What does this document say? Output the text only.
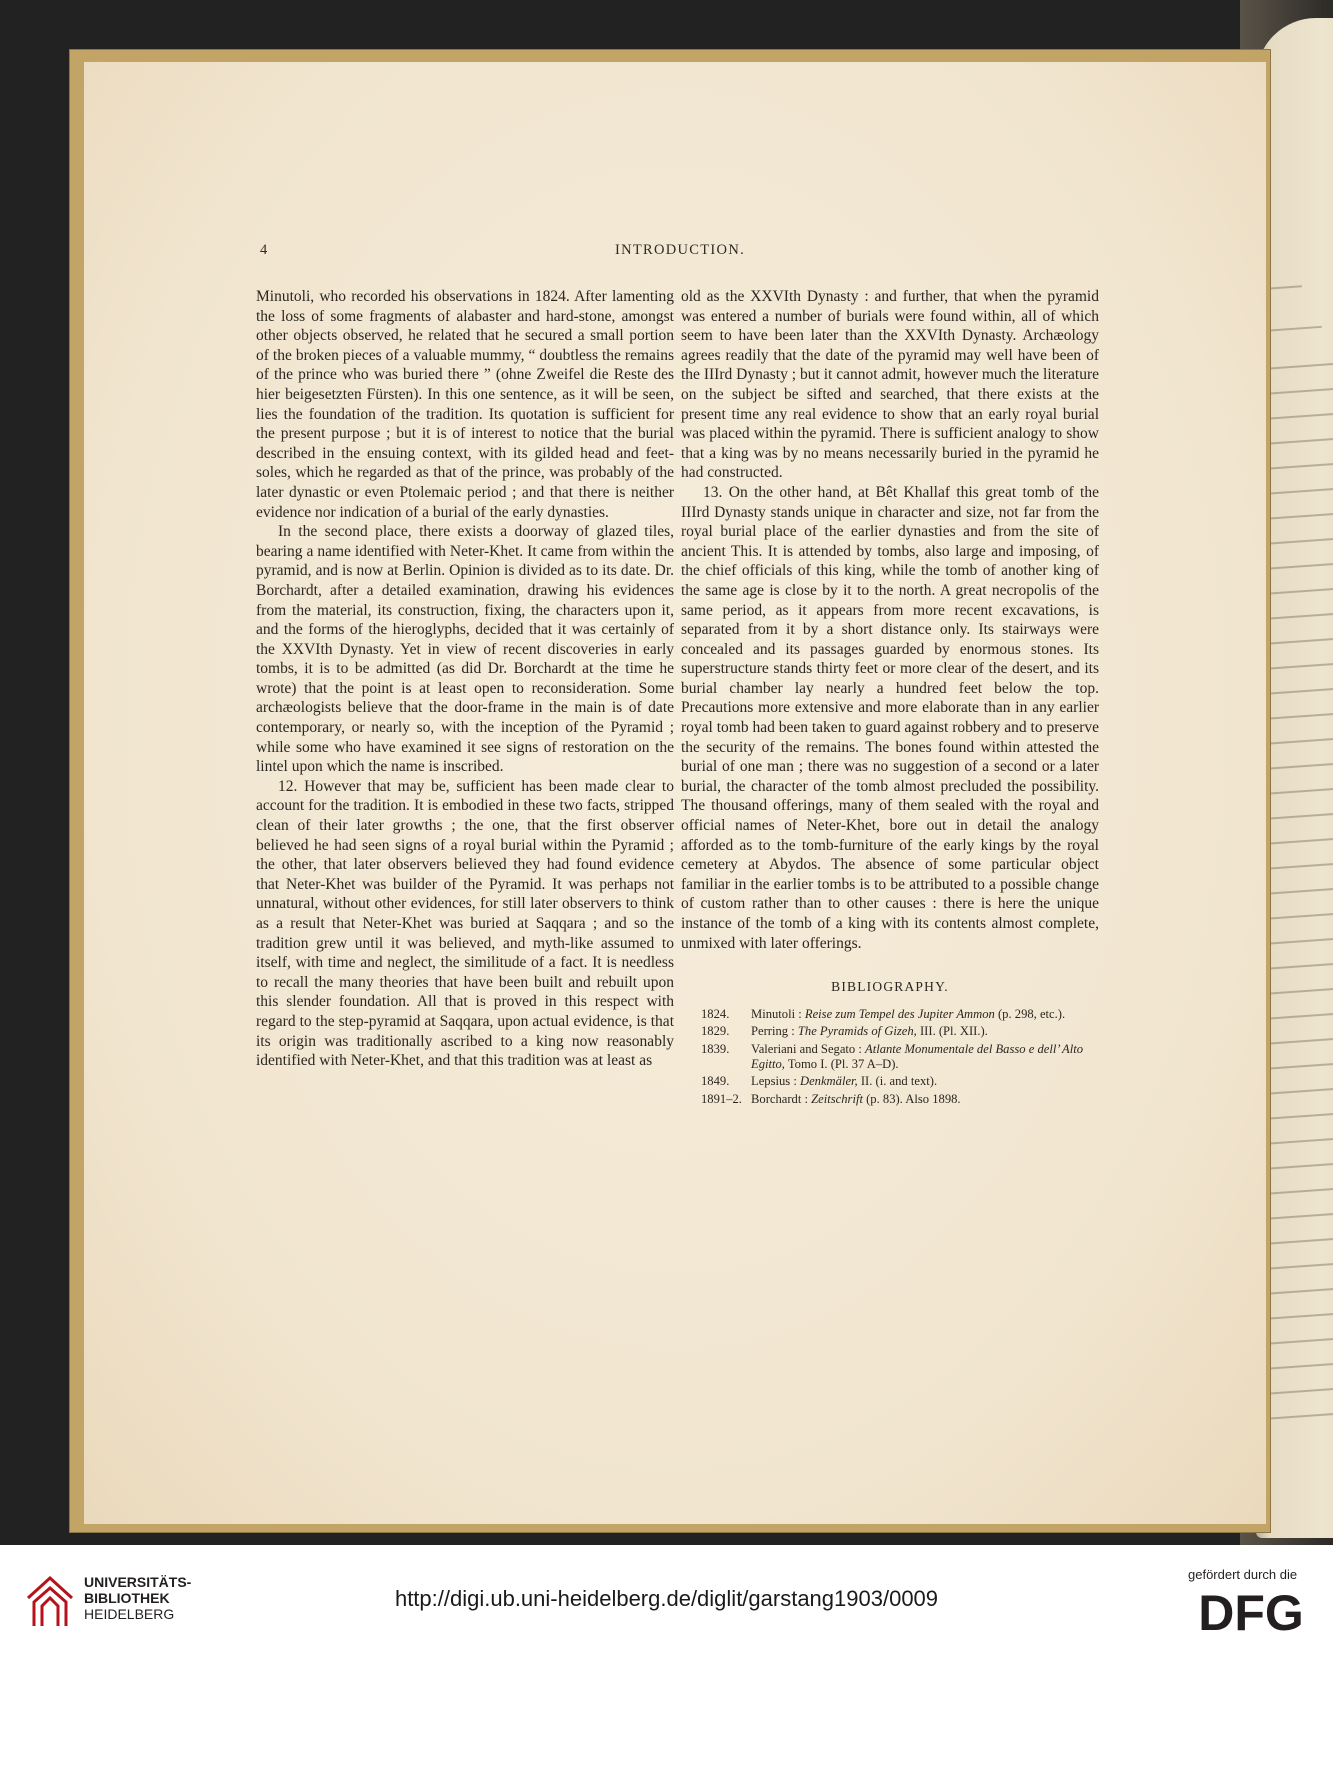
4	INTRODUCTION.

Minutoli, who recorded his observations in 1824. After lamenting the loss of some fragments of alabaster and hard-stone, amongst other objects observed, he related that he secured a small portion of the broken pieces of a valuable mummy, “ doubtless the remains of the prince who was buried there ” (ohne Zweifel die Reste des hier beigesetzten Fürsten). In this one sentence, as it will be seen, lies the foundation of the tradition. Its quotation is sufficient for the present purpose ; but it is of interest to notice that the burial described in the ensuing context, with its gilded head and feet-soles, which he regarded as that of the prince, was probably of the later dynastic or even Ptolemaic period ; and that there is neither evidence nor indication of a burial of the early dynasties.

In the second place, there exists a doorway of glazed tiles, bearing a name identified with Neter-Khet. It came from within the pyramid, and is now at Berlin. Opinion is divided as to its date. Dr. Borchardt, after a detailed examination, drawing his evidences from the material, its construction, fixing, the characters upon it, and the forms of the hieroglyphs, decided that it was certainly of the XXVIth Dynasty. Yet in view of recent discoveries in early tombs, it is to be admitted (as did Dr. Borchardt at the time he wrote) that the point is at least open to reconsideration. Some archæologists believe that the door-frame in the main is of date contemporary, or nearly so, with the inception of the Pyramid ; while some who have examined it see signs of restoration on the lintel upon which the name is inscribed.

12. However that may be, sufficient has been made clear to account for the tradition. It is embodied in these two facts, stripped clean of their later growths ; the one, that the first observer believed he had seen signs of a royal burial within the Pyramid ; the other, that later observers believed they had found evidence that Neter-Khet was builder of the Pyramid. It was perhaps not unnatural, without other evidences, for still later observers to think as a result that Neter-Khet was buried at Saqqara ; and so the tradition grew until it was believed, and myth-like assumed to itself, with time and neglect, the similitude of a fact. It is needless to recall the many theories that have been built and rebuilt upon this slender foundation. All that is proved in this respect with regard to the step-pyramid at Saqqara, upon actual evidence, is that its origin was traditionally ascribed to a king now reasonably identified with Neter-Khet, and that this tradition was at least as

old as the XXVIth Dynasty : and further, that when the pyramid was entered a number of burials were found within, all of which seem to have been later than the XXVIth Dynasty. Archæology agrees readily that the date of the pyramid may well have been of the IIIrd Dynasty ; but it cannot admit, however much the literature on the subject be sifted and searched, that there exists at the present time any real evidence to show that an early royal burial was placed within the pyramid. There is sufficient analogy to show that a king was by no means necessarily buried in the pyramid he had constructed.

13. On the other hand, at Bêt Khallaf this great tomb of the IIIrd Dynasty stands unique in character and size, not far from the royal burial place of the earlier dynasties and from the site of ancient This. It is attended by tombs, also large and imposing, of the chief officials of this king, while the tomb of another king of the same age is close by it to the north. A great necropolis of the same period, as it appears from more recent excavations, is separated from it by a short distance only. Its stairways were concealed and its passages guarded by enormous stones. Its superstructure stands thirty feet or more clear of the desert, and its burial chamber lay nearly a hundred feet below the top. Precautions more extensive and more elaborate than in any earlier royal tomb had been taken to guard against robbery and to preserve the security of the remains. The bones found within attested the burial of one man ; there was no suggestion of a second or a later burial, the character of the tomb almost precluded the possibility. The thousand offerings, many of them sealed with the royal and official names of Neter-Khet, bore out in detail the analogy afforded as to the tomb-furniture of the early kings by the royal cemetery at Abydos. The absence of some particular object familiar in the earlier tombs is to be attributed to a possible change of custom rather than to other causes : there is here the unique instance of the tomb of a king with its contents almost complete, unmixed with later offerings.

BIBLIOGRAPHY.
1824.	Minutoli : Reise zum Tempel des Jupiter Ammon (p. 298, etc.).
1829.	Perring : The Pyramids of Gizeh, III. (Pl. XII.).
1839.	Valeriani and Segato : Atlante Monumentale del Basso e dell’ Alto Egitto, Tomo I. (Pl. 37 A–D).
1849.	Lepsius : Denkmäler, II. (i. and text).
1891–2. Borchardt : Zeitschrift (p. 83). Also 1898.
UNIVERSITÄTS-
BIBLIOTHEK
HEIDELBERG
http://digi.ub.uni-heidelberg.de/diglit/garstang1903/0009
gefördert durch die
DFG
